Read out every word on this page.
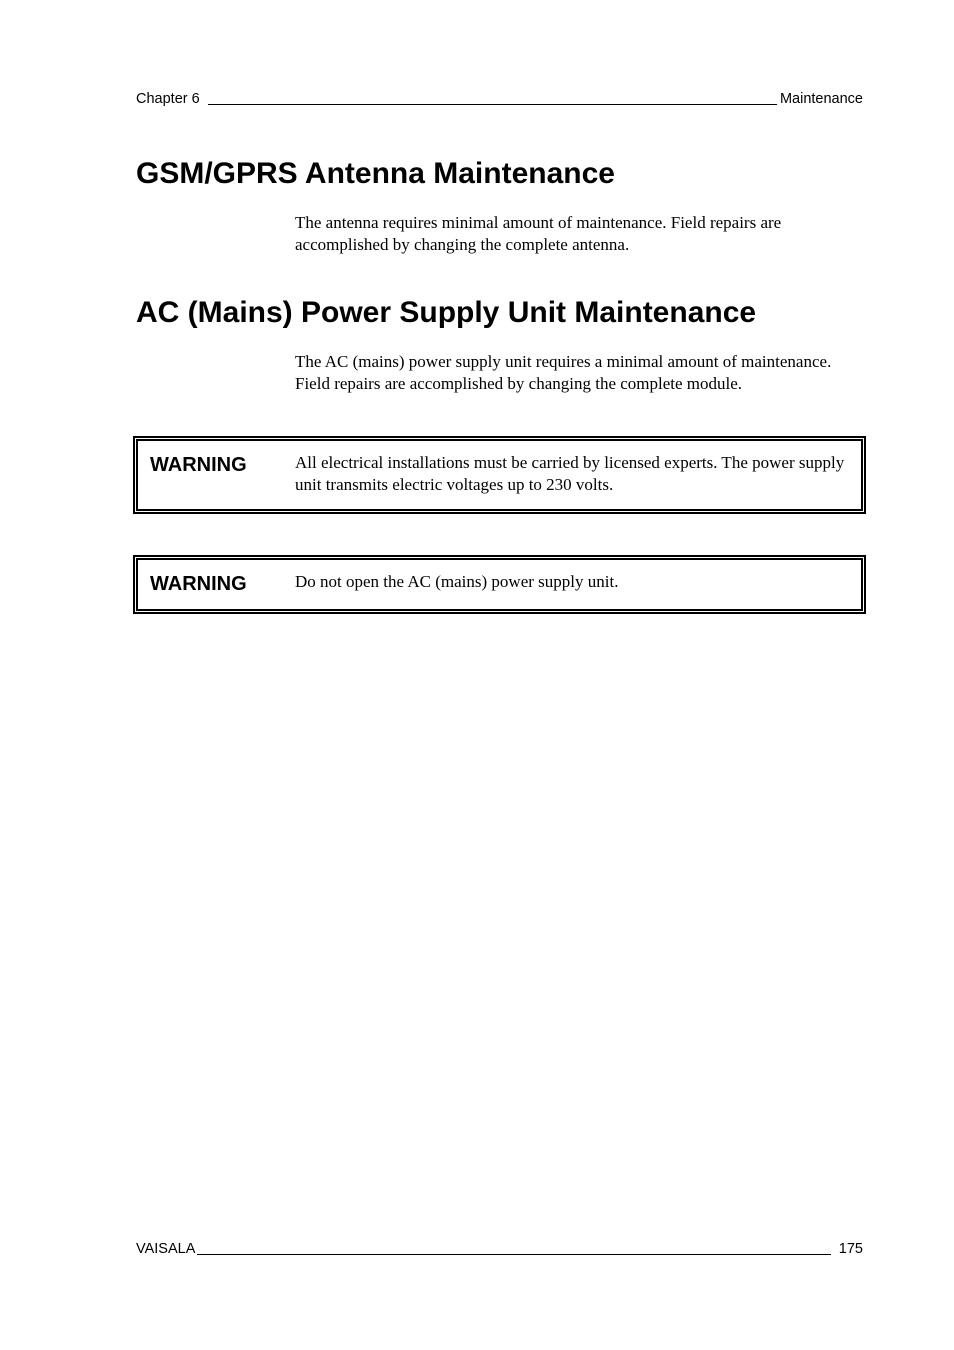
Chapter 6	Maintenance
GSM/GPRS Antenna Maintenance

The antenna requires minimal amount of maintenance. Field repairs are accomplished by changing the complete antenna.

AC (Mains) Power Supply Unit Maintenance

The AC (mains) power supply unit requires a minimal amount of maintenance. Field repairs are accomplished by changing the complete module.

WARNING	All electrical installations must be carried by licensed experts. The power supply unit transmits electric voltages up to 230 volts.
WARNING	Do not open the AC (mains) power supply unit.
VAISALA	175
